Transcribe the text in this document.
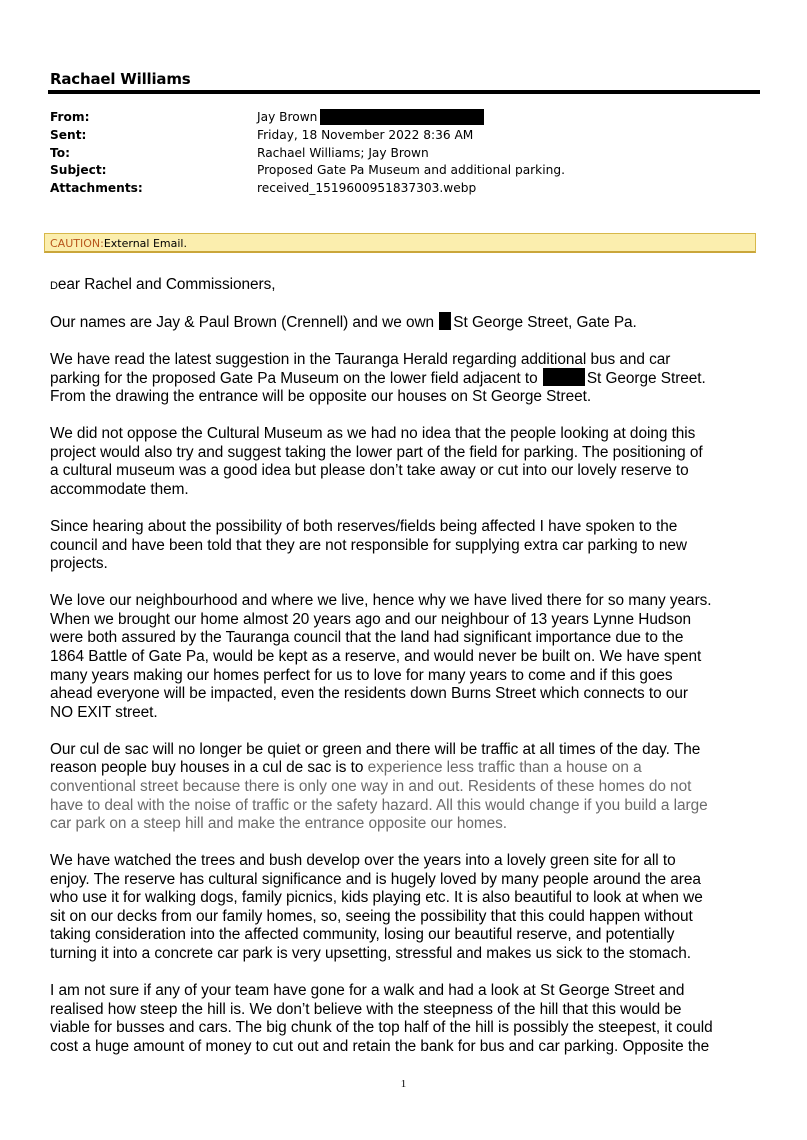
Rachael Williams
From:	Jay Brown
Sent:	Friday, 18 November 2022 8:36 AM
To:	Rachael Williams; Jay Brown
Subject:	Proposed Gate Pa Museum and additional parking.
Attachments:	received_1519600951837303.webp
CAUTION:External Email.
Dear Rachel and Commissioners,
Our names are Jay & Paul Brown (Crennell) and we own St George Street, Gate Pa.
We have read the latest suggestion in the Tauranga Herald regarding additional bus and car
parking for the proposed Gate Pa Museum on the lower field adjacent to	St George Street.
From the drawing the entrance will be opposite our houses on St George Street.
We did not oppose the Cultural Museum as we had no idea that the people looking at doing this
project would also try and suggest taking the lower part of the field for parking. The positioning of
a cultural museum was a good idea but please don’t take away or cut into our lovely reserve to
accommodate them.
Since hearing about the possibility of both reserves/fields being affected I have spoken to the
council and have been told that they are not responsible for supplying extra car parking to new
projects.
We love our neighbourhood and where we live, hence why we have lived there for so many years.
When we brought our home almost 20 years ago and our neighbour of 13 years Lynne Hudson
were both assured by the Tauranga council that the land had significant importance due to the
1864 Battle of Gate Pa, would be kept as a reserve, and would never be built on. We have spent
many years making our homes perfect for us to love for many years to come and if this goes
ahead everyone will be impacted, even the residents down Burns Street which connects to our
NO EXIT street.
Our cul de sac will no longer be quiet or green and there will be traffic at all times of the day. The
reason people buy houses in a cul de sac is to experience less traffic than a house on a
conventional street because there is only one way in and out. Residents of these homes do not
have to deal with the noise of traffic or the safety hazard. All this would change if you build a large
car park on a steep hill and make the entrance opposite our homes.
We have watched the trees and bush develop over the years into a lovely green site for all to
enjoy. The reserve has cultural significance and is hugely loved by many people around the area
who use it for walking dogs, family picnics, kids playing etc. It is also beautiful to look at when we
sit on our decks from our family homes, so, seeing the possibility that this could happen without
taking consideration into the affected community, losing our beautiful reserve, and potentially
turning it into a concrete car park is very upsetting, stressful and makes us sick to the stomach.
I am not sure if any of your team have gone for a walk and had a look at St George Street and
realised how steep the hill is. We don’t believe with the steepness of the hill that this would be
viable for busses and cars. The big chunk of the top half of the hill is possibly the steepest, it could
cost a huge amount of money to cut out and retain the bank for bus and car parking. Opposite the
1
